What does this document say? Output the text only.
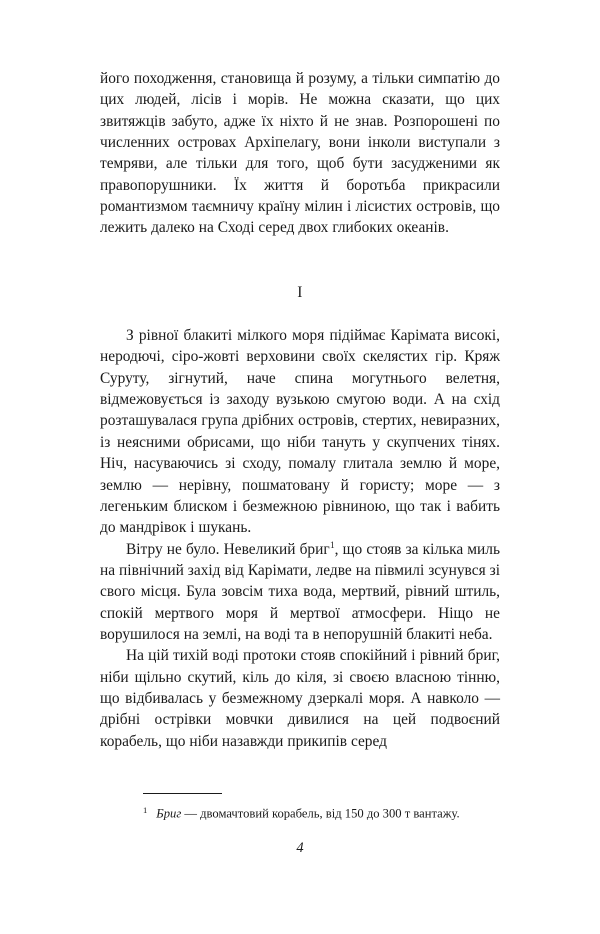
його походження, становища й розуму, а тільки симпатію до цих людей, лісів і морів. Не можна сказати, що цих звитяжців забуто, адже їх ніхто й не знав. Розпорошені по численних островах Архіпелагу, вони інколи виступали з темряви, але тільки для того, щоб бути засудженими як правопорушники. Їх життя й боротьба прикрасили романтизмом таємничу країну мілин і лісистих островів, що лежить далеко на Сході серед двох глибоких океанів.

I

З рівної блакиті мілкого моря підіймає Карімата високі, неродючі, сіро-жовті верховини своїх скелястих гір. Кряж Суруту, зігнутий, наче спина могутнього велетня, відмежовується із заходу вузькою смугою води. А на схід розташувалася група дрібних островів, стертих, невиразних, із неясними обрисами, що ніби тануть у скупчених тінях. Ніч, насуваючись зі сходу, помалу глитала землю й море, землю — нерівну, пошматовану й гористу; море — з легеньким блиском і безмежною рівниною, що так і вабить до мандрівок і шукань.

Вітру не було. Невеликий бриг$^1$, що стояв за кілька миль на північний захід від Карімати, ледве на півмилі зсунувся зі свого місця. Була зовсім тиха вода, мертвий, рівний штиль, спокій мертвого моря й мертвої атмосфери. Ніщо не ворушилося на землі, на воді та в непорушній блакиті неба.

На цій тихій воді протоки стояв спокійний і рівний бриг, ніби щільно скутий, кіль до кіля, зі своєю власною тінню, що відбивалась у безмежному дзеркалі моря. А навколо — дрібні острівки мовчки дивилися на цей подвоєний корабель, що ніби назавжди прикипів серед

$^1$ Бриг — двомачтовий корабель, від 150 до 300 т вантажу.

4
